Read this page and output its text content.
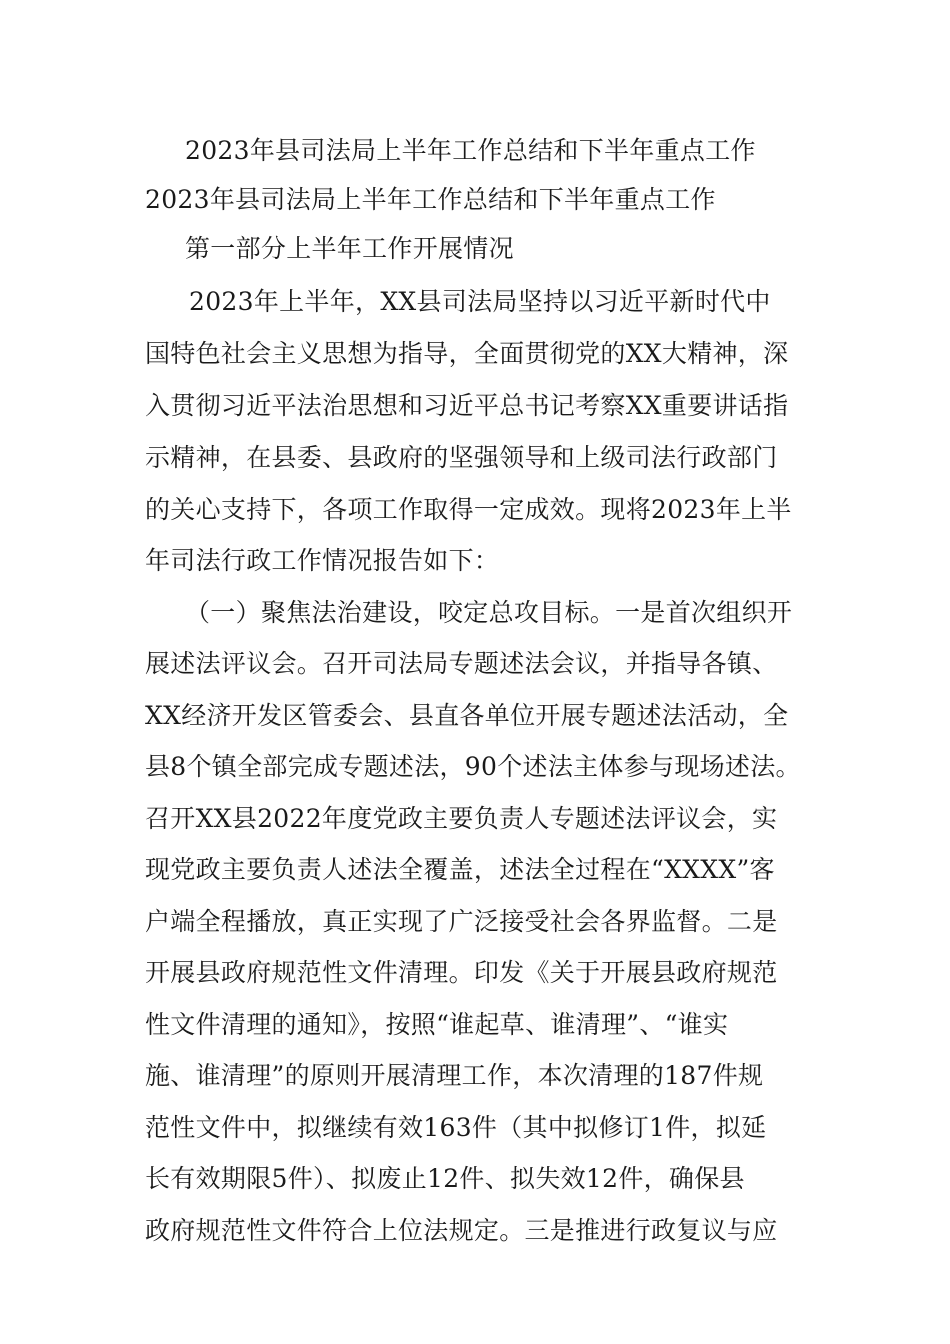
2023年县司法局上半年工作总结和下半年重点工作
2023年县司法局上半年工作总结和下半年重点工作
第一部分上半年工作开展情况
2023年上半年，XX县司法局坚持以习近平新时代中
国特色社会主义思想为指导，全面贯彻党的XX大精神，深
入贯彻习近平法治思想和习近平总书记考察XX重要讲话指
示精神，在县委、县政府的坚强领导和上级司法行政部门
的关心支持下，各项工作取得一定成效。现将2023年上半
年司法行政工作情况报告如下：
（一）聚焦法治建设，咬定总攻目标。一是首次组织开
展述法评议会。召开司法局专题述法会议，并指导各镇、
XX经济开发区管委会、县直各单位开展专题述法活动，全
县8个镇全部完成专题述法，90个述法主体参与现场述法。
召开XX县2022年度党政主要负责人专题述法评议会，实
现党政主要负责人述法全覆盖，述法全过程在“XXXX”客
户端全程播放，真正实现了广泛接受社会各界监督。二是
开展县政府规范性文件清理。印发《关于开展县政府规范
性文件清理的通知》，按照“谁起草、谁清理”、“谁实
施、谁清理”的原则开展清理工作，本次清理的187件规
范性文件中，拟继续有效163件（其中拟修订1件，拟延
长有效期限5件）、拟废止12件、拟失效12件，确保县
政府规范性文件符合上位法规定。三是推进行政复议与应
